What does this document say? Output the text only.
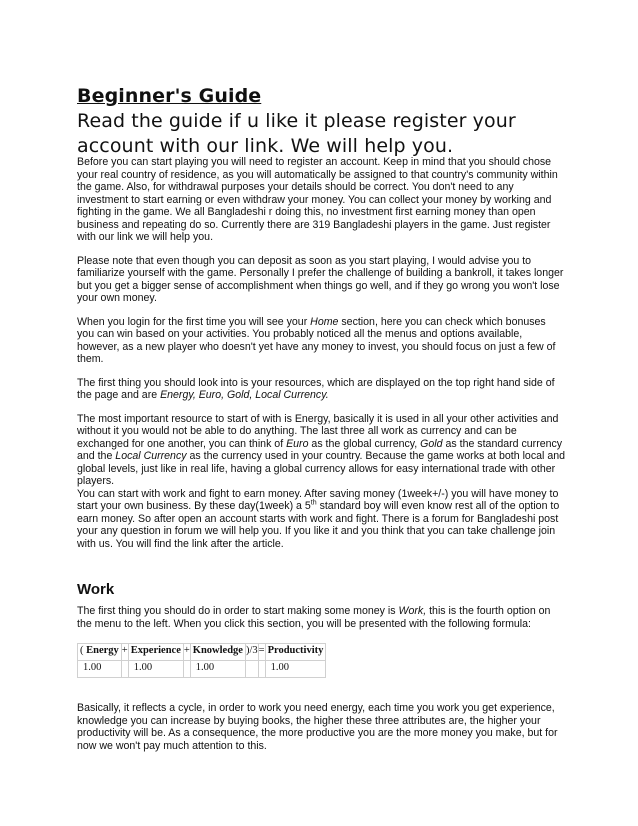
Beginner's Guide
Read the guide if u like it please register your
account with our link. We will help you.

Before you can start playing you will need to register an account. Keep in mind that you should chose your real country of residence, as you will automatically be assigned to that country's community within the game. Also, for withdrawal purposes your details should be correct. You don't need to any investment to start earning or even withdraw your money. You can collect your money by working and fighting in the game. We all Bangladeshi r doing this, no investment first earning money than open business and repeating do so. Currently there are 319 Bangladeshi players in the game. Just register with our link we will help you.

Please note that even though you can deposit as soon as you start playing, I would advise you to familiarize yourself with the game. Personally I prefer the challenge of building a bankroll, it takes longer but you get a bigger sense of accomplishment when things go well, and if they go wrong you won't lose your own money.

When you login for the first time you will see your Home section, here you can check which bonuses you can win based on your activities. You probably noticed all the menus and options available, however, as a new player who doesn't yet have any money to invest, you should focus on just a few of them.

The first thing you should look into is your resources, which are displayed on the top right hand side of the page and are Energy, Euro, Gold, Local Currency.

The most important resource to start of with is Energy, basically it is used in all your other activities and without it you would not be able to do anything. The last three all work as currency and can be exchanged for one another, you can think of Euro as the global currency, Gold as the standard currency and the Local Currency as the currency used in your country. Because the game works at both local and global levels, just like in real life, having a global currency allows for easy international trade with other players.

You can start with work and fight to earn money. After saving money (1week+/-) you will have money to start your own business. By these day(1week) a 5th standard boy will even know rest all of the option to earn money. So after open an account starts with work and fight. There is a forum for Bangladeshi post your any question in forum we will help you. If you like it and you think that you can take challenge join with us. You will find the link after the article.

Work

The first thing you should do in order to start making some money is Work, this is the fourth option on the menu to the left. When you click this section, you will be presented with the following formula:

( Energy	+	Experience	+	Knowledge	)/3	=	Productivity
1.00		1.00		1.00			1.00

Basically, it reflects a cycle, in order to work you need energy, each time you work you get experience, knowledge you can increase by buying books, the higher these three attributes are, the higher your productivity will be. As a consequence, the more productive you are the more money you make, but for now we won't pay much attention to this.
